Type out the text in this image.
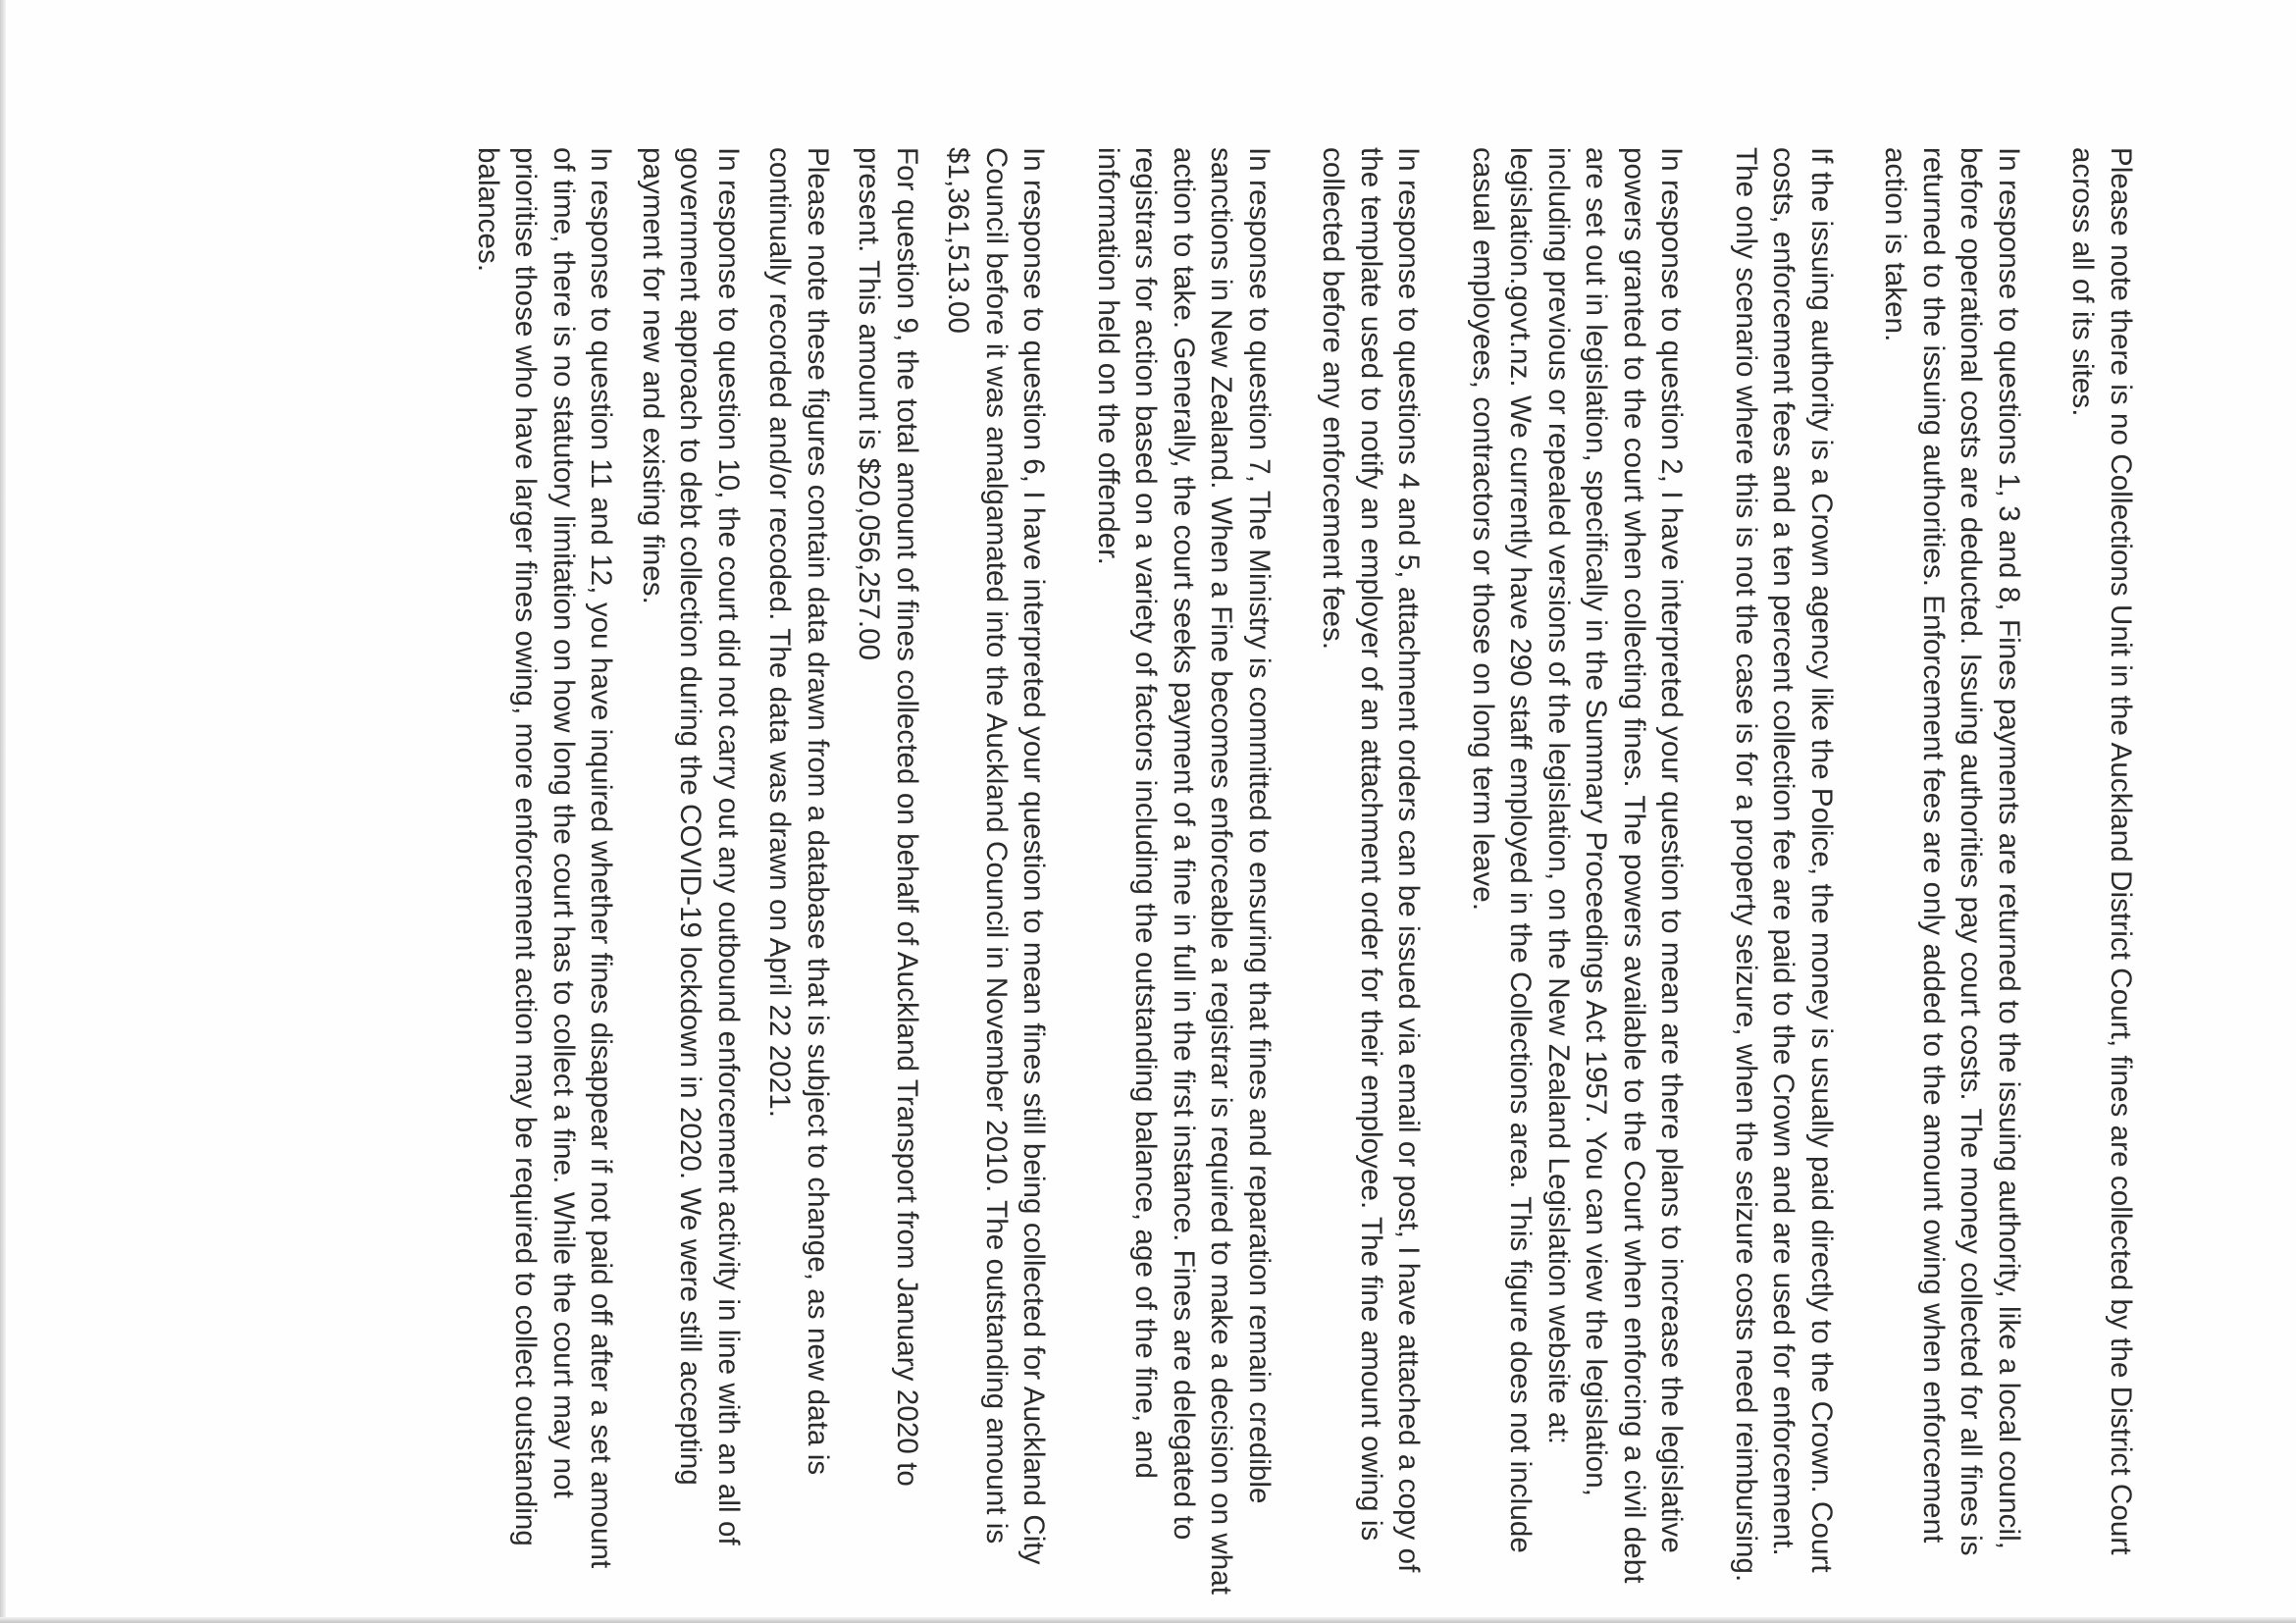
Please note there is no Collections Unit in the Auckland District Court, fines are collected by the District Court across all of its sites.

In response to questions 1, 3 and 8, Fines payments are returned to the issuing authority, like a local council, before operational costs are deducted. Issuing authorities pay court costs. The money collected for all fines is returned to the issuing authorities. Enforcement fees are only added to the amount owing when enforcement action is taken.

If the issuing authority is a Crown agency like the Police, the money is usually paid directly to the Crown. Court costs, enforcement fees and a ten percent collection fee are paid to the Crown and are used for enforcement. The only scenario where this is not the case is for a property seizure, when the seizure costs need reimbursing.

In response to question 2, I have interpreted your question to mean are there plans to increase the legislative powers granted to the court when collecting fines. The powers available to the Court when enforcing a civil debt are set out in legislation, specifically in the Summary Proceedings Act 1957. You can view the legislation, including previous or repealed versions of the legislation, on the New Zealand Legislation website at: legislation.govt.nz. We currently have 290 staff employed in the Collections area. This figure does not include casual employees, contractors or those on long term leave.

In response to questions 4 and 5, attachment orders can be issued via email or post, I have attached a copy of the template used to notify an employer of an attachment order for their employee. The fine amount owing is collected before any enforcement fees.

In response to question 7, The Ministry is committed to ensuring that fines and reparation remain credible sanctions in New Zealand. When a Fine becomes enforceable a registrar is required to make a decision on what action to take. Generally, the court seeks payment of a fine in full in the first instance. Fines are delegated to registrars for action based on a variety of factors including the outstanding balance, age of the fine, and information held on the offender.

In response to question 6, I have interpreted your question to mean fines still being collected for Auckland City Council before it was amalgamated into the Auckland Council in November 2010. The outstanding amount is $1,361,513.00

For question 9, the total amount of fines collected on behalf of Auckland Transport from January 2020 to present. This amount is $20,056,257.00

Please note these figures contain data drawn from a database that is subject to change, as new data is continually recorded and/or recoded. The data was drawn on April 22 2021.

In response to question 10, the court did not carry out any outbound enforcement activity in line with an all of government approach to debt collection during the COVID-19 lockdown in 2020. We were still accepting payment for new and existing fines.

In response to question 11 and 12, you have inquired whether fines disappear if not paid off after a set amount of time, there is no statutory limitation on how long the court has to collect a fine. While the court may not prioritise those who have larger fines owing, more enforcement action may be required to collect outstanding balances.
